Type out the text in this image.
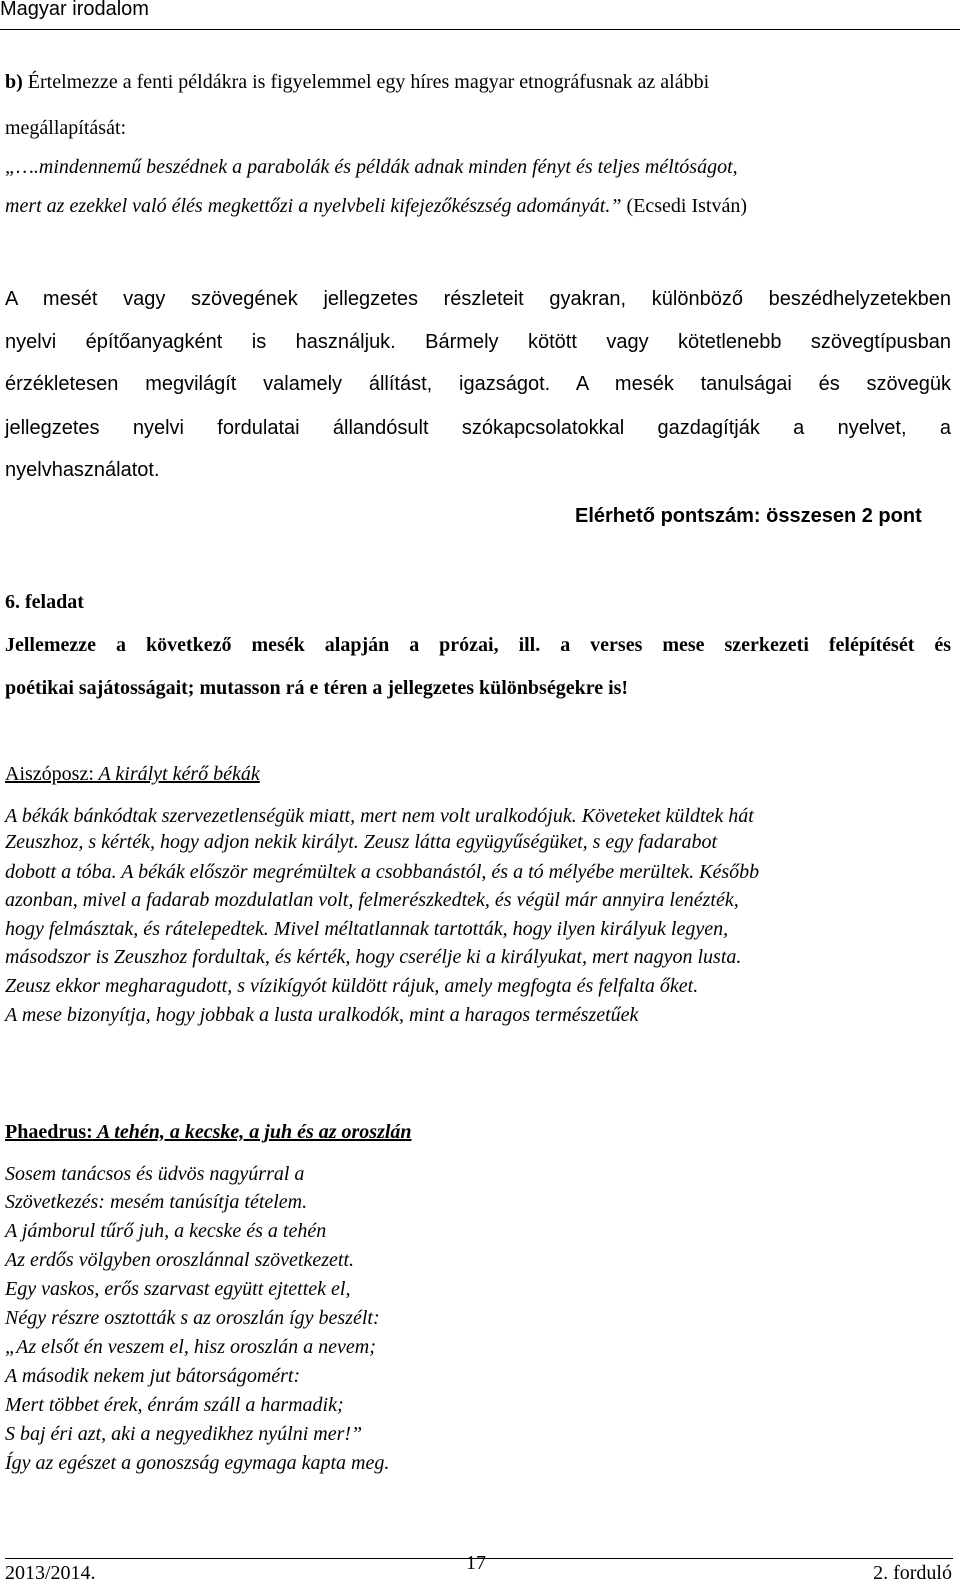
Magyar irodalom
b) Értelmezze a fenti példákra is figyelemmel egy híres magyar etnográfusnak az alábbi
megállapítását:
„….mindennemű beszédnek a parabolák és példák adnak minden fényt és teljes méltóságot,
mert az ezekkel való élés megkettőzi a nyelvbeli kifejezőkészség adományát.” (Ecsedi István)
A mesét vagy szövegének jellegzetes részleteit gyakran, különböző beszédhelyzetekben
nyelvi építőanyagként is használjuk. Bármely kötött vagy kötetlenebb szövegtípusban
érzékletesen megvilágít valamely állítást, igazságot. A mesék tanulságai és szövegük
jellegzetes nyelvi fordulatai állandósult szókapcsolatokkal gazdagítják a nyelvet, a
nyelvhasználatot.
Elérhető pontszám: összesen 2 pont
6. feladat
Jellemezze a következő mesék alapján a prózai, ill. a verses mese szerkezeti felépítését és
poétikai sajátosságait; mutasson rá e téren a jellegzetes különbségekre is!
Aiszóposz: A királyt kérő békák
A békák bánkódtak szervezetlenségük miatt, mert nem volt uralkodójuk. Követeket küldtek hát
Zeuszhoz, s kérték, hogy adjon nekik királyt. Zeusz látta együgyűségüket, s egy fadarabot
dobott a tóba. A békák először megrémültek a csobbanástól, és a tó mélyébe merültek. Később
azonban, mivel a fadarab mozdulatlan volt, felmerészkedtek, és végül már annyira lenézték,
hogy felmásztak, és rátelepedtek. Mivel méltatlannak tartották, hogy ilyen királyuk legyen,
másodszor is Zeuszhoz fordultak, és kérték, hogy cserélje ki a királyukat, mert nagyon lusta.
Zeusz ekkor megharagudott, s vízikígyót küldött rájuk, amely megfogta és felfalta őket.
A mese bizonyítja, hogy jobbak a lusta uralkodók, mint a haragos természetűek
Phaedrus: A tehén, a kecske, a juh és az oroszlán
Sosem tanácsos és üdvös nagyúrral a
Szövetkezés: mesém tanúsítja tételem.
A jámborul tűrő juh, a kecske és a tehén
Az erdős völgyben oroszlánnal szövetkezett.
Egy vaskos, erős szarvast együtt ejtettek el,
Négy részre osztották s az oroszlán így beszélt:
„Az elsőt én veszem el, hisz oroszlán a nevem;
A második nekem jut bátorságomért:
Mert többet érek, énrám száll a harmadik;
S baj éri azt, aki a negyedikhez nyúlni mer!”
Így az egészet a gonoszság egymaga kapta meg.
2013/2014.	17	2. forduló
